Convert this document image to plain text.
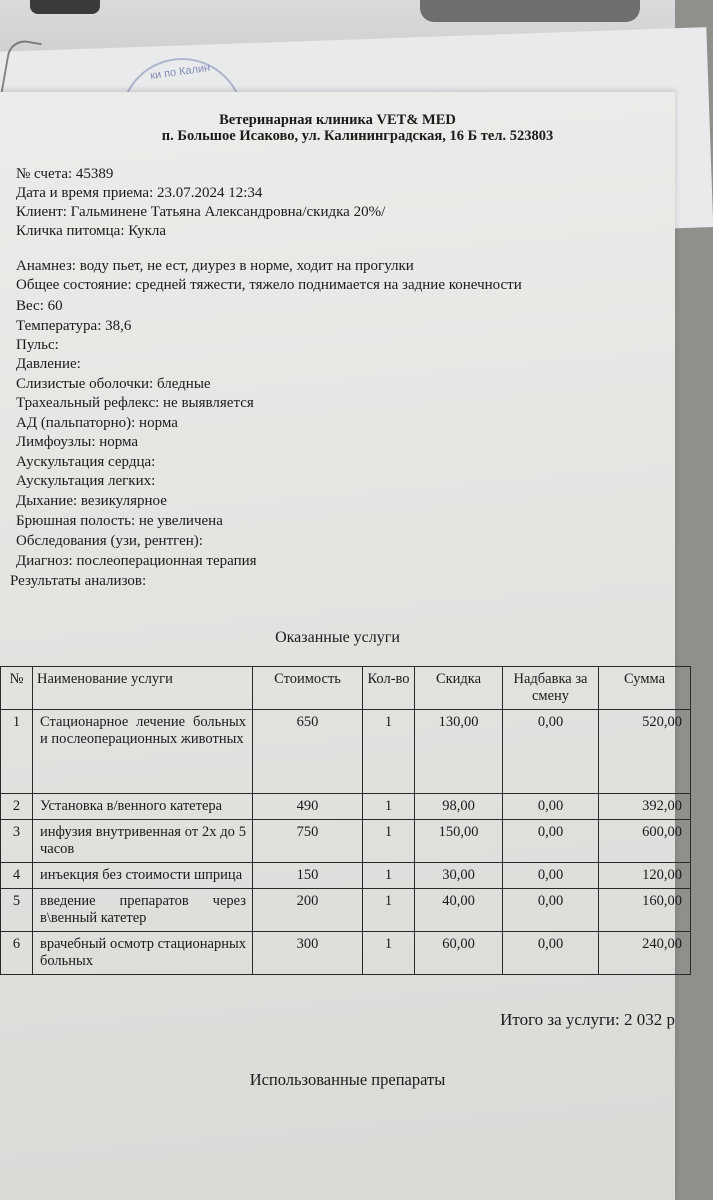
ки по Калин
Ветеринарная клиника VET& MED
п. Большое Исаково, ул. Калининградская, 16 Б тел. 523803
№ счета: 45389
Дата и время приема: 23.07.2024 12:34
Клиент: Гальминене Татьяна Александровна/скидка 20%/
Кличка питомца: Кукла
Анамнез: воду пьет, не ест, диурез в норме, ходит на прогулки
Общее состояние: средней тяжести, тяжело поднимается на задние конечности
Вес: 60
Температура: 38,6
Пульс:
Давление:
Слизистые оболочки: бледные
Трахеальный рефлекс: не выявляется
АД (пальпаторно): норма
Лимфоузлы: норма
Аускультация сердца:
Аускультация легких:
Дыхание: везикулярное
Брюшная полость: не увеличена
Обследования (узи, рентген):
Диагноз: послеоперационная терапия
Результаты анализов:
Оказанные услуги
№	Наименование услуги	Стоимость	Кол-во	Скидка	Надбавка за смену	Сумма
1	Стационарное лечение больных и послеоперационных животных	650	1	130,00	0,00	520,00
2	Установка в/венного катетера	490	1	98,00	0,00	392,00
3	инфузия внутривенная от 2х до 5 часов	750	1	150,00	0,00	600,00
4	инъекция без стоимости шприца	150	1	30,00	0,00	120,00
5	введение препаратов через в\венный катетер	200	1	40,00	0,00	160,00
6	врачебный осмотр стационарных больных	300	1	60,00	0,00	240,00
Итого за услуги: 2 032 р
Использованные препараты
